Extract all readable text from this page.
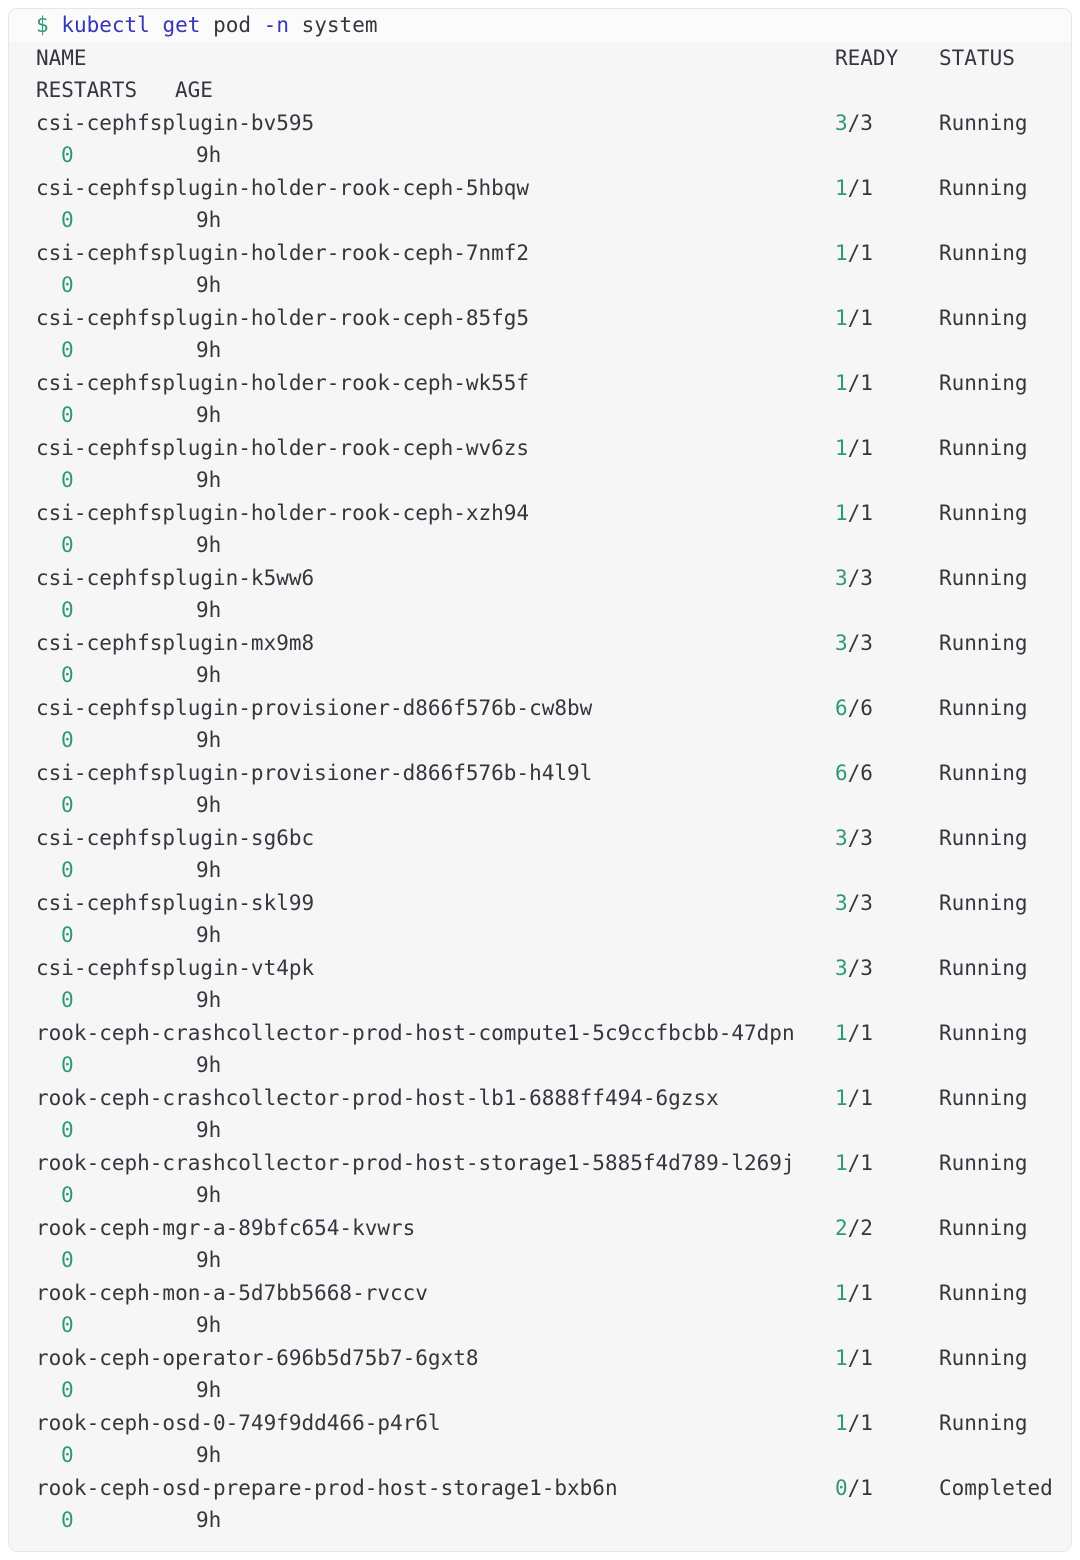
$ kubectl get pod -n system
NAME	READY STATUS
RESTARTS AGE
csi-cephfsplugin-bv595	3/3	Running
0	9h
csi-cephfsplugin-holder-rook-ceph-5hbqw	1/1	Running
0	9h
csi-cephfsplugin-holder-rook-ceph-7nmf2	1/1	Running
0	9h
csi-cephfsplugin-holder-rook-ceph-85fg5	1/1	Running
0	9h
csi-cephfsplugin-holder-rook-ceph-wk55f	1/1	Running
0	9h
csi-cephfsplugin-holder-rook-ceph-wv6zs	1/1	Running
0	9h
csi-cephfsplugin-holder-rook-ceph-xzh94	1/1	Running
0	9h
csi-cephfsplugin-k5ww6	3/3	Running
0	9h
csi-cephfsplugin-mx9m8	3/3	Running
0	9h
csi-cephfsplugin-provisioner-d866f576b-cw8bw	6/6	Running
0	9h
csi-cephfsplugin-provisioner-d866f576b-h4l9l	6/6	Running
0	9h
csi-cephfsplugin-sg6bc	3/3	Running
0	9h
csi-cephfsplugin-skl99	3/3	Running
0	9h
csi-cephfsplugin-vt4pk	3/3	Running
0	9h
rook-ceph-crashcollector-prod-host-compute1-5c9ccfbcbb-47dpn 1/1	Running
0	9h
rook-ceph-crashcollector-prod-host-lb1-6888ff494-6gzsx	1/1	Running
0	9h
rook-ceph-crashcollector-prod-host-storage1-5885f4d789-l269j 1/1	Running
0	9h
rook-ceph-mgr-a-89bfc654-kvwrs	2/2	Running
0	9h
rook-ceph-mon-a-5d7bb5668-rvccv	1/1	Running
0	9h
rook-ceph-operator-696b5d75b7-6gxt8	1/1	Running
0	9h
rook-ceph-osd-0-749f9dd466-p4r6l	1/1	Running
0	9h
rook-ceph-osd-prepare-prod-host-storage1-bxb6n	0/1	Completed
0	9h
